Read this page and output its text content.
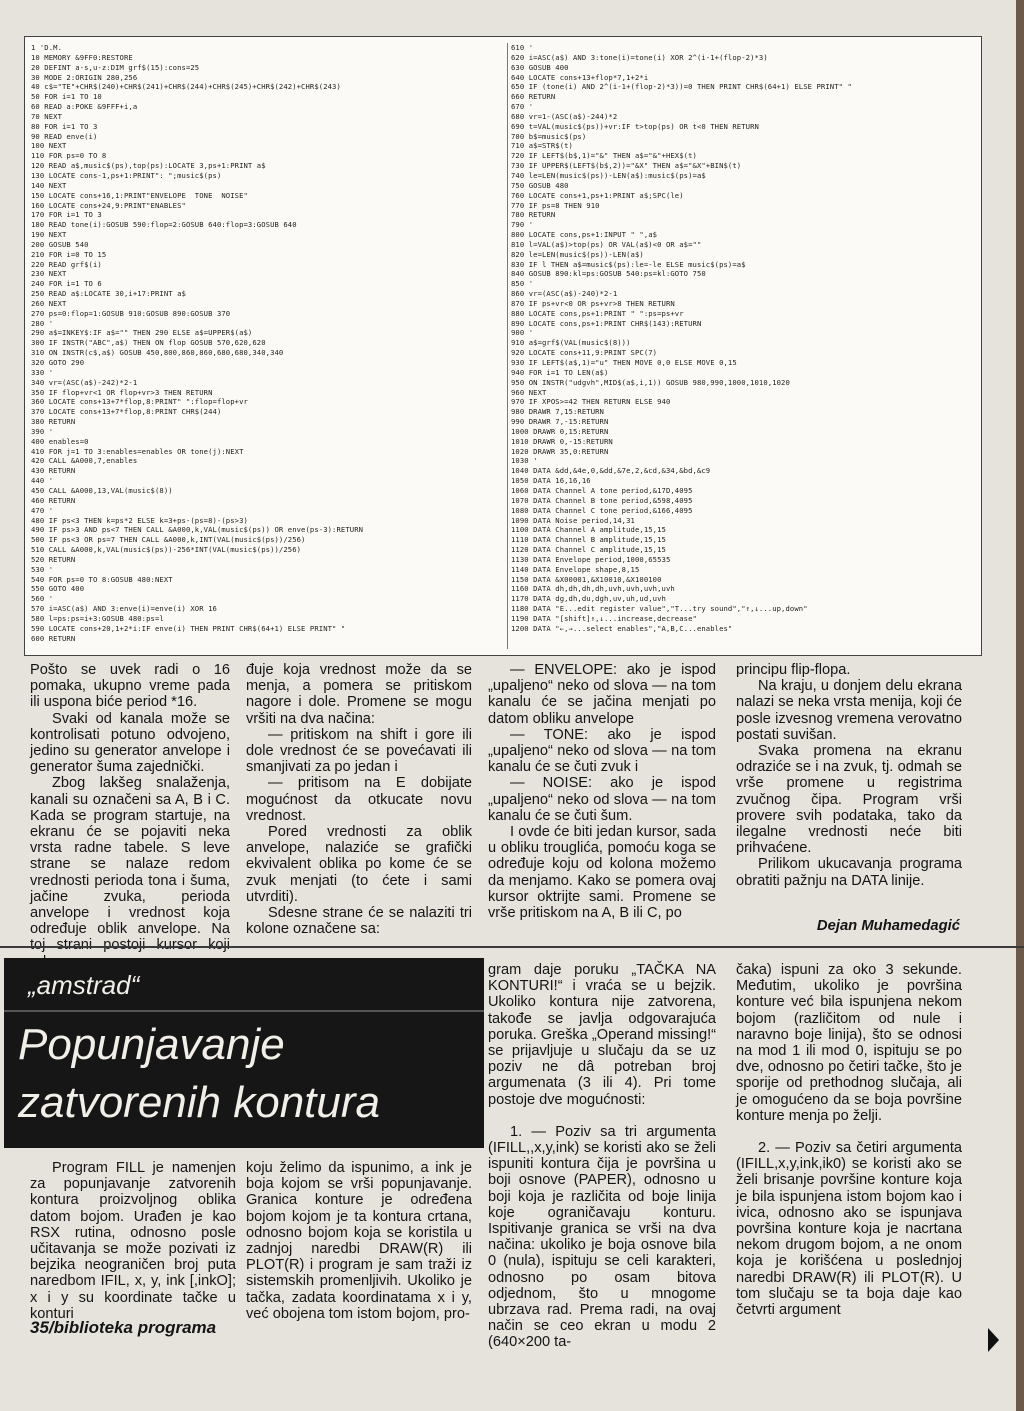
1 'D.M.
10 MEMORY &9FF0:RESTORE
20 DEFINT a-s,u-z:DIM grf$(15):cons=25
30 MODE 2:ORIGIN 280,256
40 c$="TE"+CHR$(240)+CHR$(241)+CHR$(244)+CHR$(245)+CHR$(242)+CHR$(243)
50 FOR i=1 TO 10
60 READ a:POKE &9FFF+i,a
70 NEXT
80 FOR i=1 TO 3
90 READ enve(i)
100 NEXT
110 FOR ps=0 TO 8
120 READ a$,music$(ps),top(ps):LOCATE 3,ps+1:PRINT a$
130 LOCATE cons-1,ps+1:PRINT": ";music$(ps)
140 NEXT
150 LOCATE cons+16,1:PRINT"ENVELOPE  TONE  NOISE"
160 LOCATE cons+24,9:PRINT"ENABLES"
170 FOR i=1 TO 3
180 READ tone(i):GOSUB 590:flop=2:GOSUB 640:flop=3:GOSUB 640
190 NEXT
200 GOSUB 540
210 FOR i=0 TO 15
220 READ grf$(i)
230 NEXT
240 FOR i=1 TO 6
250 READ a$:LOCATE 30,i+17:PRINT a$
260 NEXT
270 ps=0:flop=1:GOSUB 910:GOSUB 890:GOSUB 370
280 '
290 a$=INKEY$:IF a$="" THEN 290 ELSE a$=UPPER$(a$)
300 IF INSTR("ABC",a$) THEN ON flop GOSUB 570,620,620
310 ON INSTR(c$,a$) GOSUB 450,800,860,860,680,680,340,340
320 GOTO 290
330 '
340 vr=(ASC(a$)-242)*2-1
350 IF flop+vr<1 OR flop+vr>3 THEN RETURN
360 LOCATE cons+13+7*flop,8:PRINT" ":flop=flop+vr
370 LOCATE cons+13+7*flop,8:PRINT CHR$(244)
380 RETURN
390 '
400 enables=0
410 FOR j=1 TO 3:enables=enables OR tone(j):NEXT
420 CALL &A000,7,enables
430 RETURN
440 '
450 CALL &A000,13,VAL(music$(8))
460 RETURN
470 '
480 IF ps<3 THEN k=ps*2 ELSE k=3+ps-(ps=8)-(ps>3)
490 IF ps>3 AND ps<7 THEN CALL &A000,k,VAL(music$(ps)) OR enve(ps-3):RETURN
500 IF ps<3 OR ps=7 THEN CALL &A000,k,INT(VAL(music$(ps))/256)
510 CALL &A000,k,VAL(music$(ps))-256*INT(VAL(music$(ps))/256)
520 RETURN
530 '
540 FOR ps=0 TO 8:GOSUB 480:NEXT
550 GOTO 400
560 '
570 i=ASC(a$) AND 3:enve(i)=enve(i) XOR 16
580 l=ps:ps=i+3:GOSUB 480:ps=l
590 LOCATE cons+20,1+2*i:IF enve(i) THEN PRINT CHR$(64+1) ELSE PRINT" "
600 RETURN
610 '
620 i=ASC(a$) AND 3:tone(i)=tone(i) XOR 2^(i-1+(flop-2)*3)
630 GOSUB 400
640 LOCATE cons+13+flop*7,1+2*i
650 IF (tone(i) AND 2^(i-1+(flop-2)*3))=0 THEN PRINT CHR$(64+1) ELSE PRINT" "
660 RETURN
670 '
680 vr=1-(ASC(a$)-244)*2
690 t=VAL(music$(ps))+vr:IF t>top(ps) OR t<0 THEN RETURN
700 b$=music$(ps)
710 a$=STR$(t)
720 IF LEFT$(b$,1)="&" THEN a$="&"+HEX$(t)
730 IF UPPER$(LEFT$(b$,2))="&X" THEN a$="&X"+BIN$(t)
740 le=LEN(music$(ps))-LEN(a$):music$(ps)=a$
750 GOSUB 480
760 LOCATE cons+1,ps+1:PRINT a$;SPC(le)
770 IF ps=8 THEN 910
780 RETURN
790 '
800 LOCATE cons,ps+1:INPUT " ",a$
810 l=VAL(a$)>top(ps) OR VAL(a$)<0 OR a$=""
820 le=LEN(music$(ps))-LEN(a$)
830 IF l THEN a$=music$(ps):le=-le ELSE music$(ps)=a$
840 GOSUB 890:kl=ps:GOSUB 540:ps=kl:GOTO 750
850 '
860 vr=(ASC(a$)-240)*2-1
870 IF ps+vr<0 OR ps+vr>8 THEN RETURN
880 LOCATE cons,ps+1:PRINT " ":ps=ps+vr
890 LOCATE cons,ps+1:PRINT CHR$(143):RETURN
900 '
910 a$=grf$(VAL(music$(8)))
920 LOCATE cons+11,9:PRINT SPC(7)
930 IF LEFT$(a$,1)="u" THEN MOVE 0,0 ELSE MOVE 0,15
940 FOR i=1 TO LEN(a$)
950 ON INSTR("udgvh",MID$(a$,i,1)) GOSUB 980,990,1000,1010,1020
960 NEXT
970 IF XPOS>=42 THEN RETURN ELSE 940
980 DRAWR 7,15:RETURN
990 DRAWR 7,-15:RETURN
1000 DRAWR 0,15:RETURN
1010 DRAWR 0,-15:RETURN
1020 DRAWR 35,0:RETURN
1030 '
1040 DATA &dd,&4e,0,&dd,&7e,2,&cd,&34,&bd,&c9
1050 DATA 16,16,16
1060 DATA Channel A tone period,&17D,4095
1070 DATA Channel B tone period,&598,4095
1080 DATA Channel C tone period,&166,4095
1090 DATA Noise period,14,31
1100 DATA Channel A amplitude,15,15
1110 DATA Channel B amplitude,15,15
1120 DATA Channel C amplitude,15,15
1130 DATA Envelope period,1000,65535
1140 DATA Envelope shape,8,15
1150 DATA &X00001,&X10010,&X100100
1160 DATA dh,dh,dh,dh,uvh,uvh,uvh,uvh
1170 DATA dg,dh,du,dgh,uv,uh,ud,uvh
1180 DATA "E...edit register value","T...try sound","↑,↓...up,down"
1190 DATA "[shift]↑,↓...increase,decrease"
1200 DATA "←,→...select enables","A,B,C...enables"

Pošto se uvek radi o 16 pomaka, ukupno vreme pada ili uspona biće period *16.

Svaki od kanala može se kontrolisati potuno odvojeno, jedino su generator anvelope i generator šuma zajednički.

Zbog lakšeg snalaženja, kanali su označeni sa A, B i C. Kada se program startuje, na ekranu će se pojaviti neka vrsta radne tabele. S leve strane se nalaze redom vrednosti perioda tona i šuma, jačine zvuka, perioda anvelope i vrednost koja određuje oblik anvelope. Na

đuje koja vrednost može da se menja, a pomera se pritiskom nagore i dole. Promene se mogu vršiti na dva načina:

— pritiskom na shift i gore ili dole vrednost će se povećavati ili smanjivati za po jedan i

— pritisom na E dobijate mogućnost da otkucate novu vrednost.

Pored vrednosti za oblik anvelope, nalaziće se grafički ekvivalent oblika po kome će se zvuk menjati (to ćete i sami utvrditi).

Sdesne strane će se nalaziti tri kolone označene sa:

— ENVELOPE: ako je ispod „upaljeno“ neko od slova — na tom kanalu će se jačina menjati po datom obliku anvelope

— TONE: ako je ispod „upaljeno“ neko od slova — na tom kanalu će se čuti zvuk i

— NOISE: ako je ispod „upaljeno“ neko od slova — na tom kanalu će se čuti šum.

I ovde će biti jedan kursor, sada u obliku trouglića, pomoću koga se određuje koju od kolona možemo da menjamo. Kako se pomera ovaj kursor oktrijte sami. Promene se vrše pritiskom na A, B ili C, po

principu flip-flopa.

Na kraju, u donjem delu ekrana nalazi se neka vrsta menija, koji će posle izvesnog vremena verovatno postati suvišan.

Svaka promena na ekranu odraziće se i na zvuk, tj. odmah se vrše promene u registrima zvučnog čipa. Program vrši provere svih podataka, tako da ilegalne vrednosti neće biti prihvaćene.

Prilikom ukucavanja programa obratiti pažnju na DATA linije.

Dejan Muhamedagić
„amstrad“
Popunjavanje
zatvorenih kontura

Program FILL je namenjen za popunjavanje zatvorenih kontura proizvoljnog oblika datom bojom. Urađen je kao RSX rutina, odnosno posle učitavanja se može pozivati iz bejzika neograničen broj puta naredbom IFIL, x, y, ink [,inkO]; x i y su koordinate tačke u konturi

koju želimo da ispunimo, a ink je boja kojom se vrši popunjavanje. Granica konture je određena bojom kojom je ta kontura crtana, odnosno bojom koja se koristila u zadnjoj naredbi DRAW(R) ili PLOT(R) i program je sam traži iz sistemskih promenljivih. Ukoliko je tačka, zadata koordinatama x i y, već obojena tom istom bojom, pro-

gram daje poruku „TAČKA NA KONTURI!“ i vraća se u bejzik. Ukoliko kontura nije zatvorena, takođe se javlja odgovarajuća poruka. Greška „Operand missing!“ se prijavljuje u slučaju da se uz poziv ne dâ potreban broj argumenata (3 ili 4). Pri tome postoje dve mogućnosti:

1. — Poziv sa tri argumenta (IFILL,,x,y,ink) se koristi ako se želi ispuniti kontura čija je površina u boji osnove (PAPER), odnosno u boji koja je različita od boje linija koje ograničavaju konturu. Ispitivanje granica se vrši na dva načina: ukoliko je boja osnove bila 0 (nula), ispituju se celi karakteri, odnosno po osam bitova odjednom, što u mnogome ubrzava rad. Prema radi, na ovaj način se ceo ekran u modu 2 (640×200 ta-

čaka) ispuni za oko 3 sekunde. Međutim, ukoliko je površina konture već bila ispunjena nekom bojom (različitom od nule i naravno boje linija), što se odnosi na mod 1 ili mod 0, ispituju se po dve, odnosno po četiri tačke, što je sporije od prethodnog slučaja, ali je omogućeno da se boja površine konture menja po želji.

2. — Poziv sa četiri argumenta (IFILL,x,y,ink,ik0) se koristi ako se želi brisanje površine konture koja je bila ispunjena istom bojom kao i ivica, odnosno ako se ispunjava površina konture koja je nacrtana nekom drugom bojom, a ne onom koja je korišćena u poslednjoj naredbi DRAW(R) ili PLOT(R). U tom slučaju se ta boja daje kao četvrti argument

35/biblioteka programa
